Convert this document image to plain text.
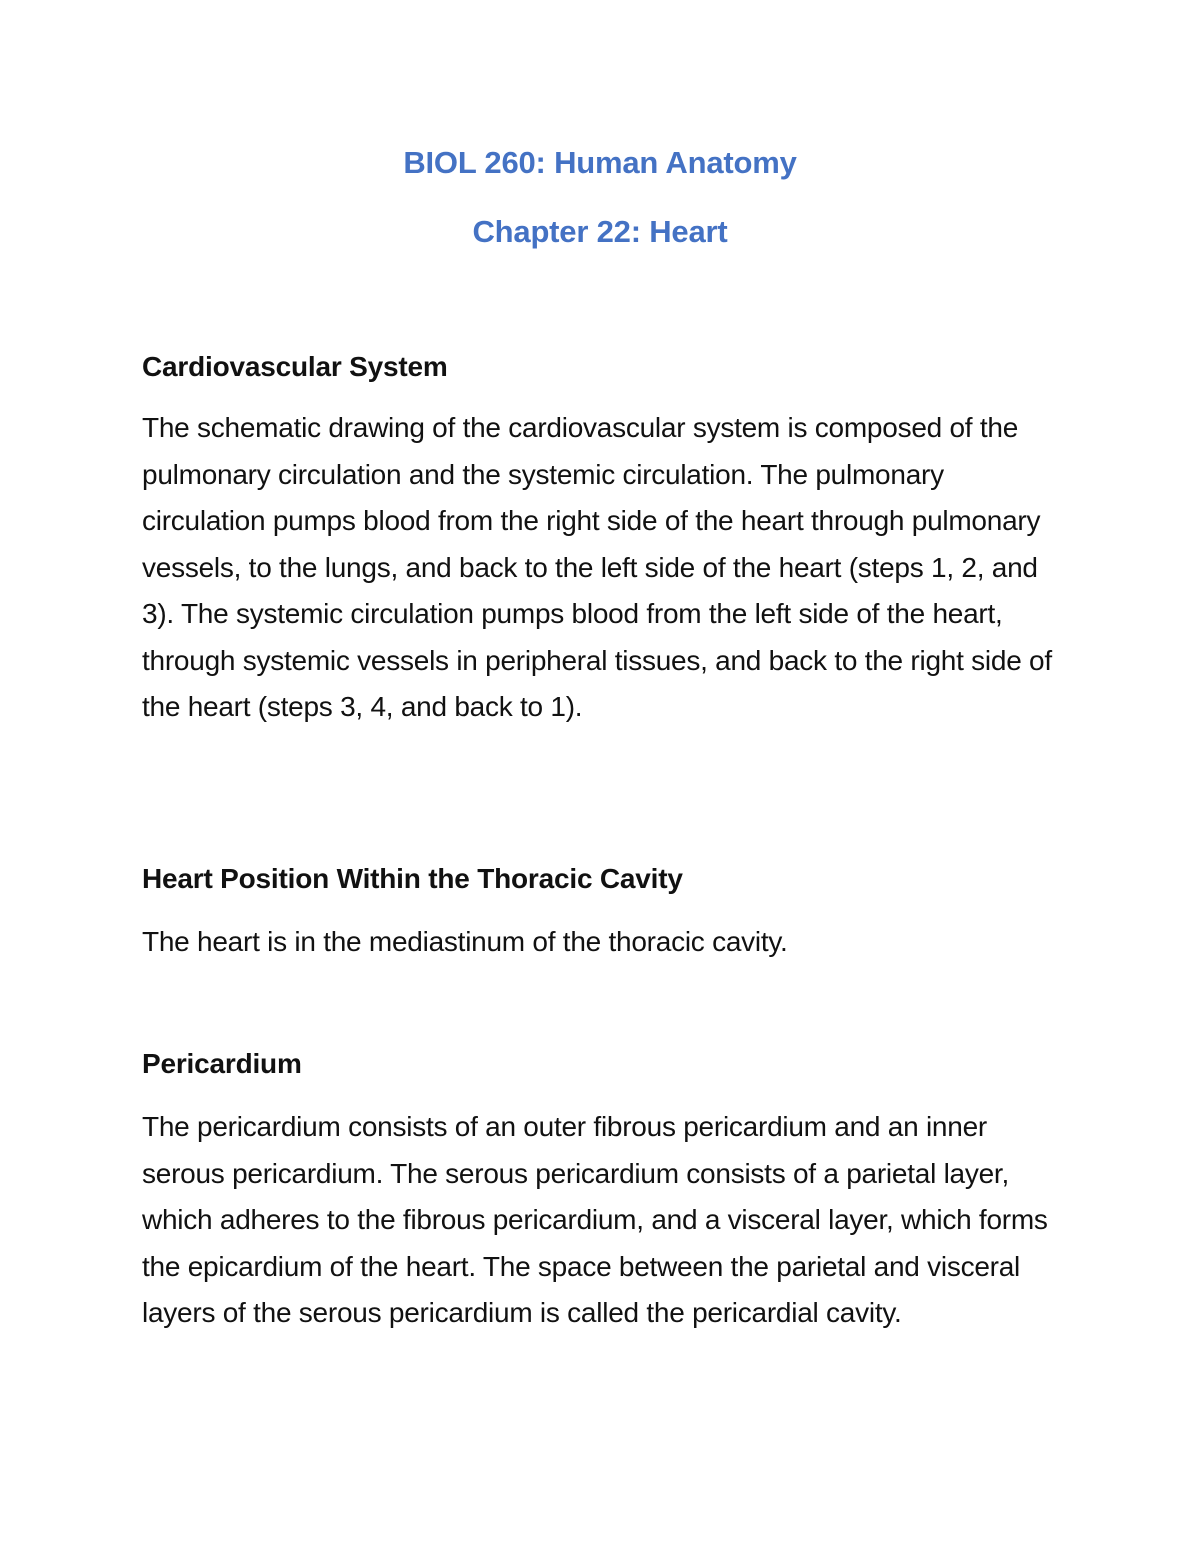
BIOL 260: Human Anatomy
Chapter 22: Heart
Cardiovascular System

The schematic drawing of the cardiovascular system is composed of the pulmonary circulation and the systemic circulation. The pulmonary circulation pumps blood from the right side of the heart through pulmonary vessels, to the lungs, and back to the left side of the heart (steps 1, 2, and 3). The systemic circulation pumps blood from the left side of the heart, through systemic vessels in peripheral tissues, and back to the right side of the heart (steps 3, 4, and back to 1).

Heart Position Within the Thoracic Cavity

The heart is in the mediastinum of the thoracic cavity.

Pericardium

The pericardium consists of an outer fibrous pericardium and an inner serous pericardium. The serous pericardium consists of a parietal layer, which adheres to the fibrous pericardium, and a visceral layer, which forms the epicardium of the heart. The space between the parietal and visceral layers of the serous pericardium is called the pericardial cavity.
